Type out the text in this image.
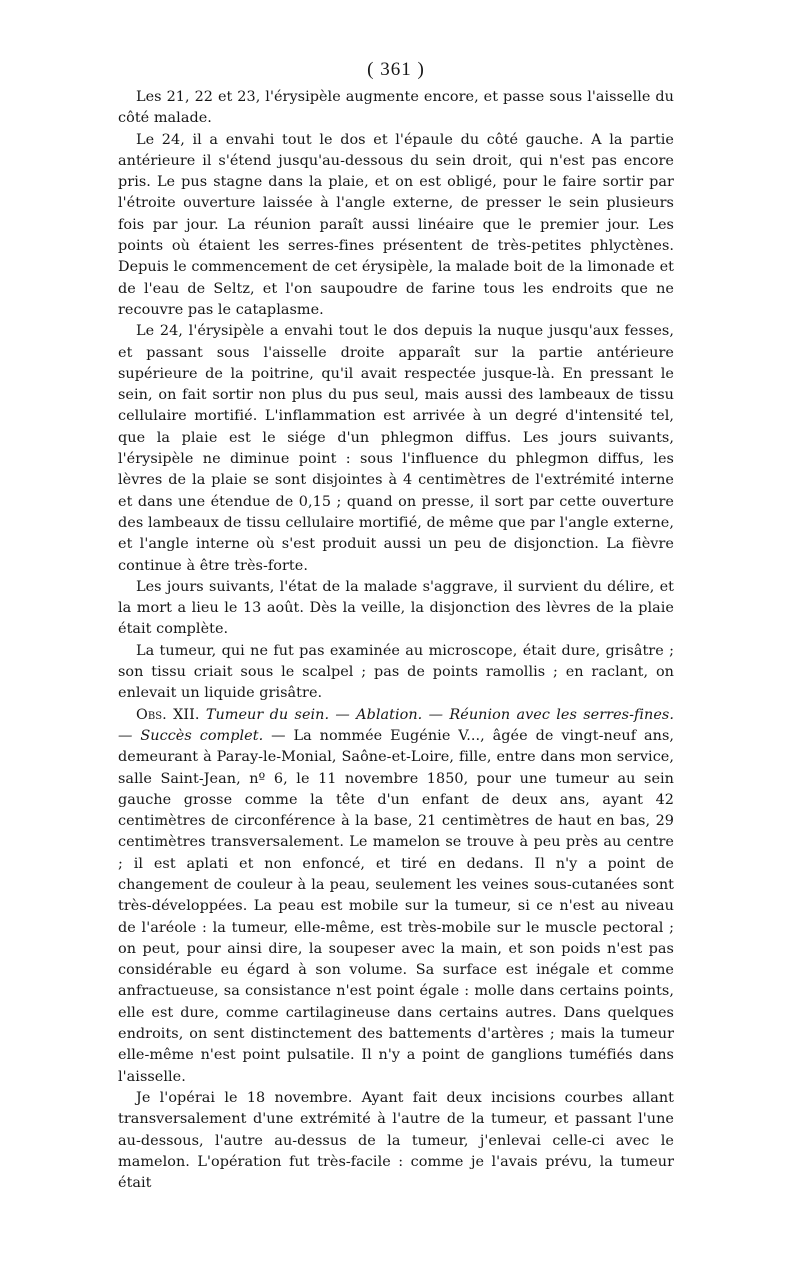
( 361 )

Les 21, 22 et 23, l'érysipèle augmente encore, et passe sous l'aisselle du côté malade.

Le 24, il a envahi tout le dos et l'épaule du côté gauche. A la partie antérieure il s'étend jusqu'au-dessous du sein droit, qui n'est pas encore pris. Le pus stagne dans la plaie, et on est obligé, pour le faire sortir par l'étroite ouverture laissée à l'angle externe, de presser le sein plusieurs fois par jour. La réunion paraît aussi linéaire que le premier jour. Les points où étaient les serres-fines présentent de très-petites phlyctènes. Depuis le commencement de cet érysipèle, la malade boit de la limonade et de l'eau de Seltz, et l'on saupoudre de farine tous les endroits que ne recouvre pas le cataplasme.

Le 24, l'érysipèle a envahi tout le dos depuis la nuque jusqu'aux fesses, et passant sous l'aisselle droite apparaît sur la partie antérieure supérieure de la poitrine, qu'il avait respectée jusque-là. En pressant le sein, on fait sortir non plus du pus seul, mais aussi des lambeaux de tissu cellulaire mortifié. L'inflammation est arrivée à un degré d'intensité tel, que la plaie est le siége d'un phlegmon diffus. Les jours suivants, l'érysipèle ne diminue point : sous l'influence du phlegmon diffus, les lèvres de la plaie se sont disjointes à 4 centimètres de l'extrémité interne et dans une étendue de 0,15 ; quand on presse, il sort par cette ouverture des lambeaux de tissu cellulaire mortifié, de même que par l'angle externe, et l'angle interne où s'est produit aussi un peu de disjonction. La fièvre continue à être très-forte.

Les jours suivants, l'état de la malade s'aggrave, il survient du délire, et la mort a lieu le 13 août. Dès la veille, la disjonction des lèvres de la plaie était complète.

La tumeur, qui ne fut pas examinée au microscope, était dure, grisâtre ; son tissu criait sous le scalpel ; pas de points ramollis ; en raclant, on enlevait un liquide grisâtre.

Obs. XII. Tumeur du sein. — Ablation. — Réunion avec les serres-fines. — Succès complet. — La nommée Eugénie V..., âgée de vingt-neuf ans, demeurant à Paray-le-Monial, Saône-et-Loire, fille, entre dans mon service, salle Saint-Jean, nº 6, le 11 novembre 1850, pour une tumeur au sein gauche grosse comme la tête d'un enfant de deux ans, ayant 42 centimètres de circonférence à la base, 21 centimètres de haut en bas, 29 centimètres transversalement. Le mamelon se trouve à peu près au centre ; il est aplati et non enfoncé, et tiré en dedans. Il n'y a point de changement de couleur à la peau, seulement les veines sous-cutanées sont très-développées. La peau est mobile sur la tumeur, si ce n'est au niveau de l'aréole : la tumeur, elle-même, est très-mobile sur le muscle pectoral ; on peut, pour ainsi dire, la soupeser avec la main, et son poids n'est pas considérable eu égard à son volume. Sa surface est inégale et comme anfractueuse, sa consistance n'est point égale : molle dans certains points, elle est dure, comme cartilagineuse dans certains autres. Dans quelques endroits, on sent distinctement des battements d'artères ; mais la tumeur elle-même n'est point pulsatile. Il n'y a point de ganglions tuméfiés dans l'aisselle.

Je l'opérai le 18 novembre. Ayant fait deux incisions courbes allant transversalement d'une extrémité à l'autre de la tumeur, et passant l'une au-dessous, l'autre au-dessus de la tumeur, j'enlevai celle-ci avec le mamelon. L'opération fut très-facile : comme je l'avais prévu, la tumeur était
